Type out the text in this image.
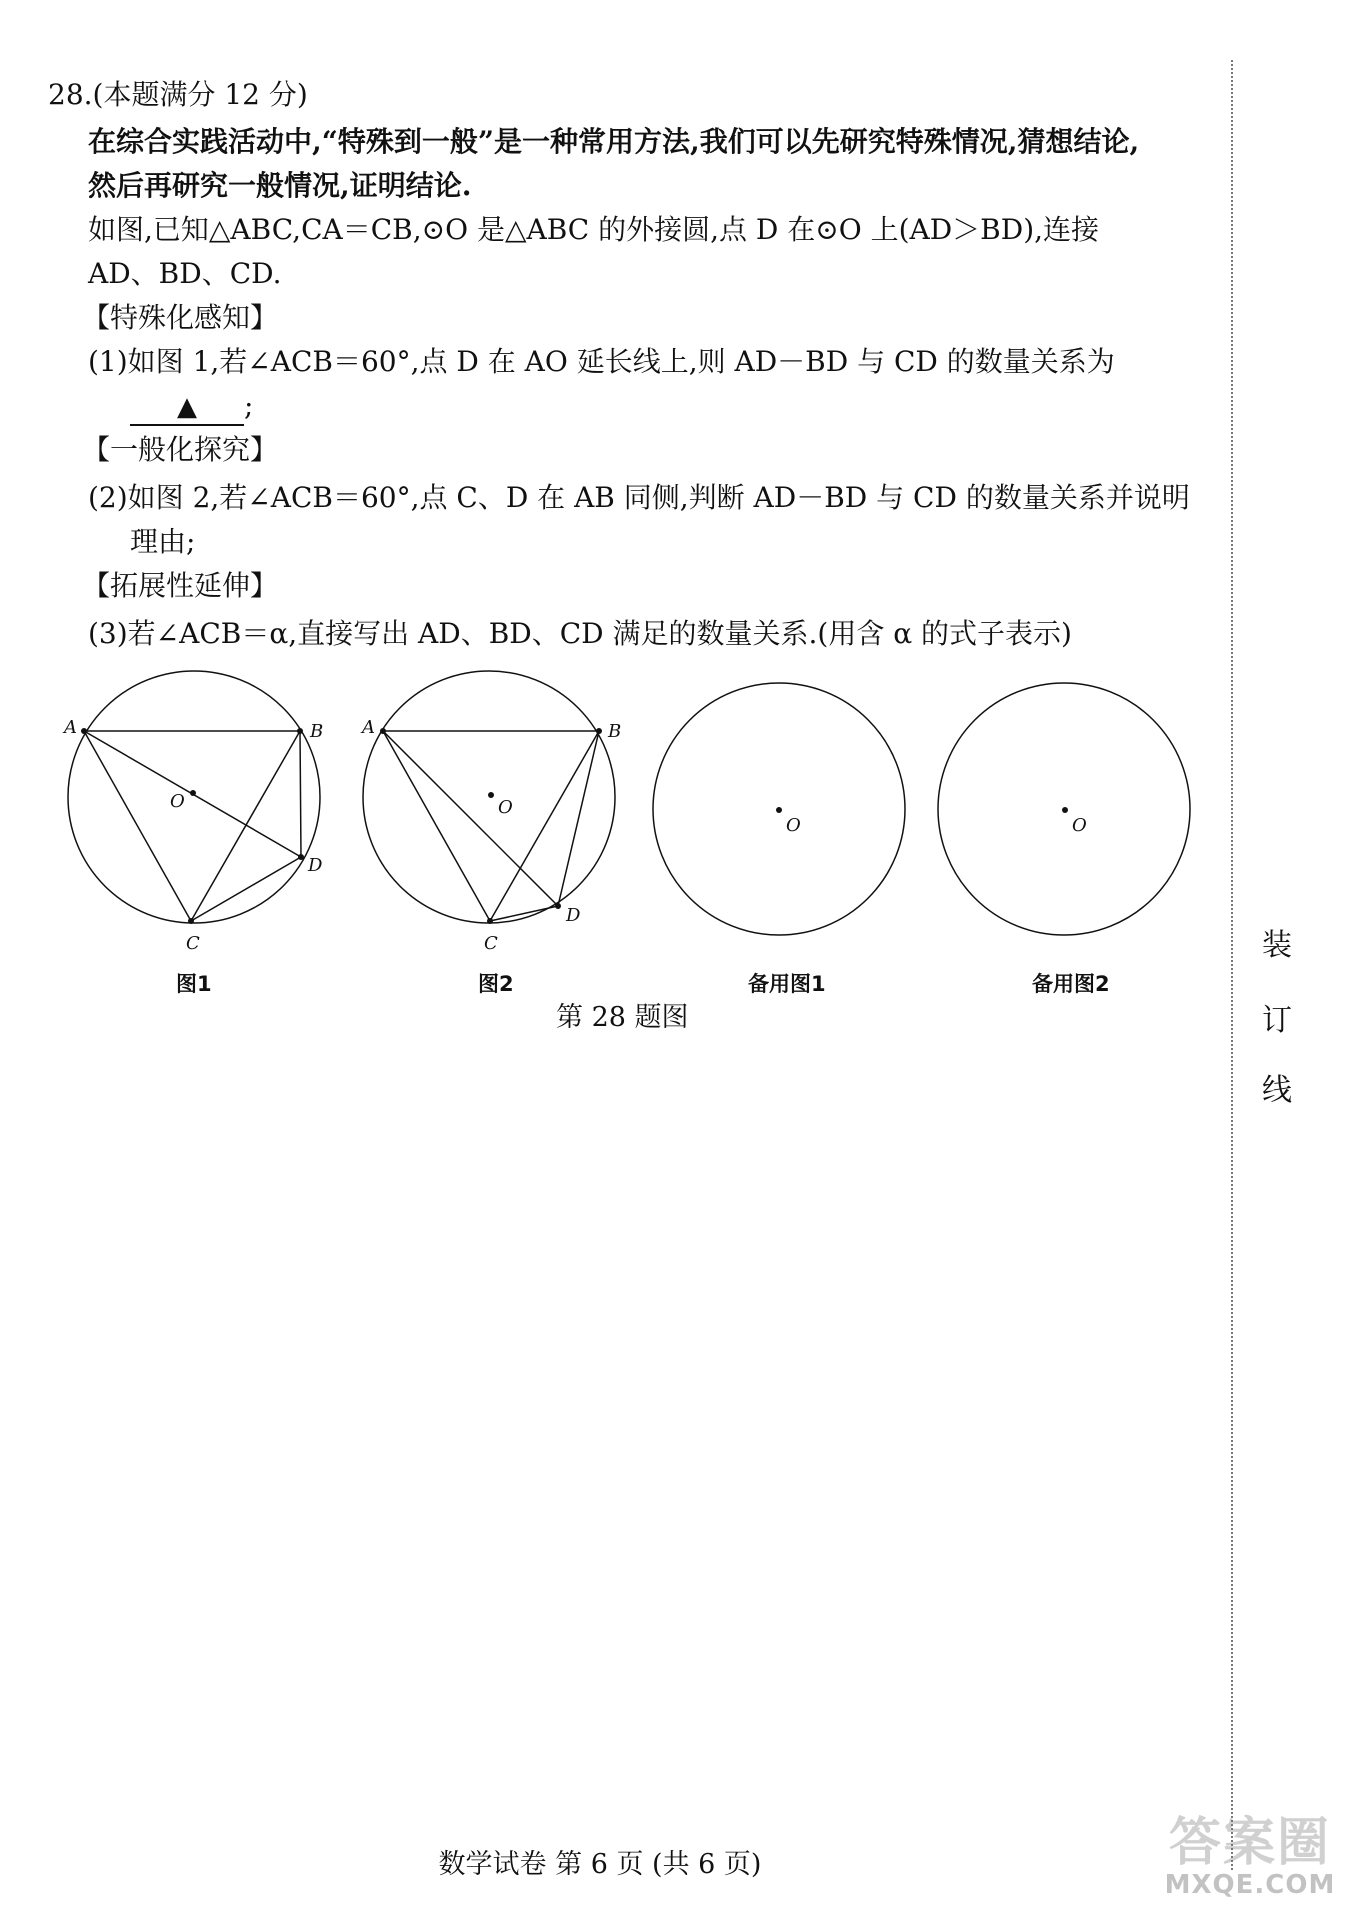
28.(本题满分 12 分)
在综合实践活动中,“特殊到一般”是一种常用方法,我们可以先研究特殊情况,猜想结论,
然后再研究一般情况,证明结论.
如图,已知△ABC,CA＝CB,⊙O 是△ABC 的外接圆,点 D 在⊙O 上(AD＞BD),连接
AD、BD、CD.
【特殊化感知】
(1)如图 1,若∠ACB＝60°,点 D 在 AO 延长线上,则 AD－BD 与 CD 的数量关系为
▲ ;
【一般化探究】
(2)如图 2,若∠ACB＝60°,点 C、D 在 AB 同侧,判断 AD－BD 与 CD 的数量关系并说明
理由;
【拓展性延伸】
(3)若∠ACB＝α,直接写出 AD、BD、CD 满足的数量关系.(用含 α 的式子表示)
A	B
C
D
O
A	B
C
D
O
O	O
图1	图2	备用图1	备用图2
第 28 题图
装
订
线
数学试卷 第 6 页 (共 6 页)	答案圈
MXQE.COM
